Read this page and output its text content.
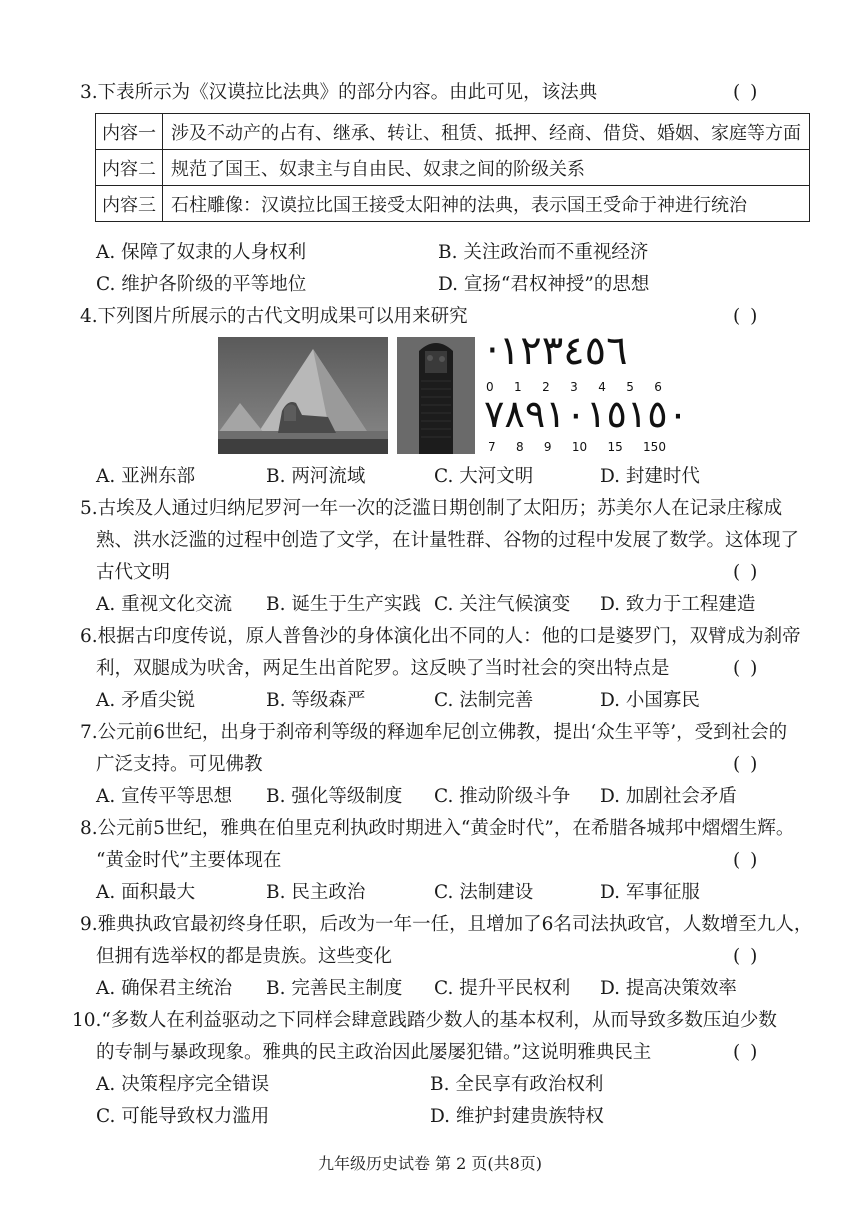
3.下表所示为《汉谟拉比法典》的部分内容。由此可见，该法典	( )
内容一	涉及不动产的占有、继承、转让、租赁、抵押、经商、借贷、婚姻、家庭等方面
内容二	规范了国王、奴隶主与自由民、奴隶之间的阶级关系
内容三	石柱雕像：汉谟拉比国王接受太阳神的法典，表示国王受命于神进行统治
A. 保障了奴隶的人身权利	B. 关注政治而不重视经济
C. 维护各阶级的平等地位	D. 宣扬“君权神授”的思想
4.下列图片所展示的古代文明成果可以用来研究	( )
·١٢٣٤٥٦
0 1 2 3 4 5 6
٧٨٩١٠١٥١٥٠
7 8 9 10 15 150
A. 亚洲东部	B. 两河流域	C. 大河文明	D. 封建时代
5.古埃及人通过归纳尼罗河一年一次的泛滥日期创制了太阳历；苏美尔人在记录庄稼成
熟、洪水泛滥的过程中创造了文学，在计量牲群、谷物的过程中发展了数学。这体现了
古代文明	( )
A. 重视文化交流 B. 诞生于生产实践 C. 关注气候演变 D. 致力于工程建造
6.根据古印度传说，原人普鲁沙的身体演化出不同的人：他的口是婆罗门，双臂成为刹帝
利，双腿成为吠舍，两足生出首陀罗。这反映了当时社会的突出特点是	( )
A. 矛盾尖锐	B. 等级森严	C. 法制完善	D. 小国寡民
7.公元前6世纪，出身于刹帝利等级的释迦牟尼创立佛教，提出‘众生平等’，受到社会的
广泛支持。可见佛教	( )
A. 宣传平等思想 B. 强化等级制度 C. 推动阶级斗争 D. 加剧社会矛盾
8.公元前5世纪，雅典在伯里克利执政时期进入“黄金时代”，在希腊各城邦中熠熠生辉。
“黄金时代”主要体现在	( )
A. 面积最大	B. 民主政治	C. 法制建设	D. 军事征服
9.雅典执政官最初终身任职，后改为一年一任，且增加了6名司法执政官，人数增至九人，
但拥有选举权的都是贵族。这些变化	( )
A. 确保君主统治 B. 完善民主制度 C. 提升平民权利 D. 提高决策效率
10.“多数人在利益驱动之下同样会肆意践踏少数人的基本权利，从而导致多数压迫少数
的专制与暴政现象。雅典的民主政治因此屡屡犯错。”这说明雅典民主	( )
A. 决策程序完全错误	B. 全民享有政治权利
C. 可能导致权力滥用	D. 维护封建贵族特权
九年级历史试卷 第 2 页(共8页)
